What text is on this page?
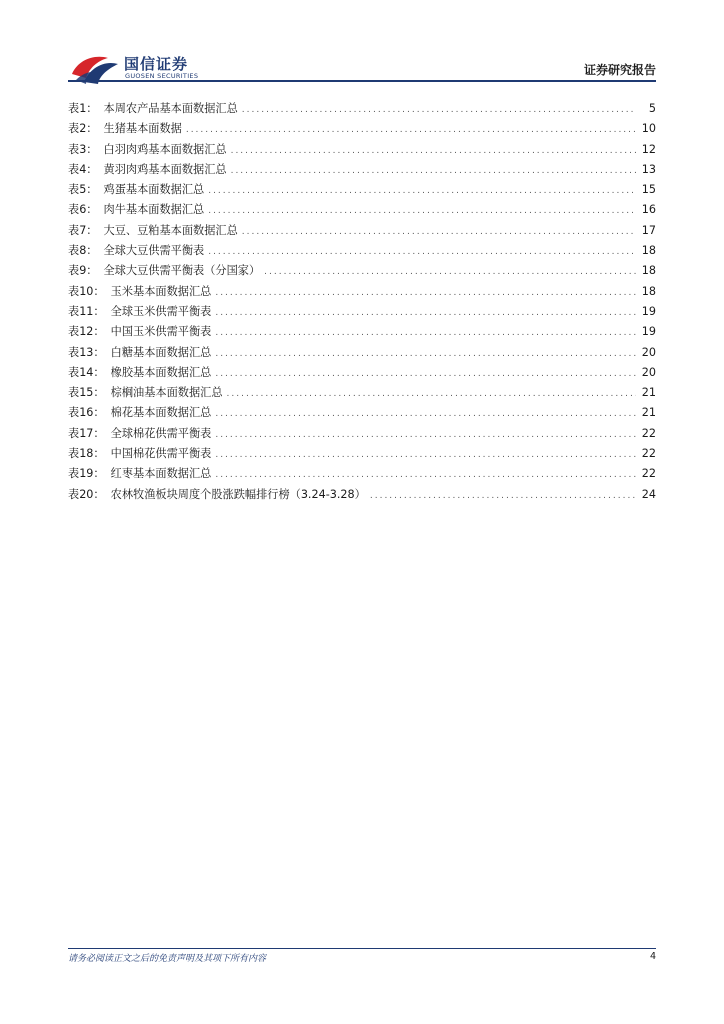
国信证券
GUOSEN SECURITIES	证券研究报告
表1： 本周农产品基本面数据汇总 .....	5
表2： 生猪基本面数据 .....	10
表3： 白羽肉鸡基本面数据汇总 .....	12
表4： 黄羽肉鸡基本面数据汇总 .....	13
表5： 鸡蛋基本面数据汇总 .....	15
表6： 肉牛基本面数据汇总 .....	16
表7： 大豆、豆粕基本面数据汇总 .....	17
表8： 全球大豆供需平衡表 .....	18
表9： 全球大豆供需平衡表（分国家） .....	18
表10： 玉米基本面数据汇总 .....	18
表11： 全球玉米供需平衡表 .....	19
表12： 中国玉米供需平衡表 .....	19
表13： 白糖基本面数据汇总 .....	20
表14： 橡胶基本面数据汇总 .....	20
表15： 棕榈油基本面数据汇总 .....	21
表16： 棉花基本面数据汇总 .....	21
表17： 全球棉花供需平衡表 .....	22
表18： 中国棉花供需平衡表 .....	22
表19： 红枣基本面数据汇总 .....	22
表20： 农林牧渔板块周度个股涨跌幅排行榜（3.24-3.28） .....	24
请务必阅读正文之后的免责声明及其项下所有内容	4
